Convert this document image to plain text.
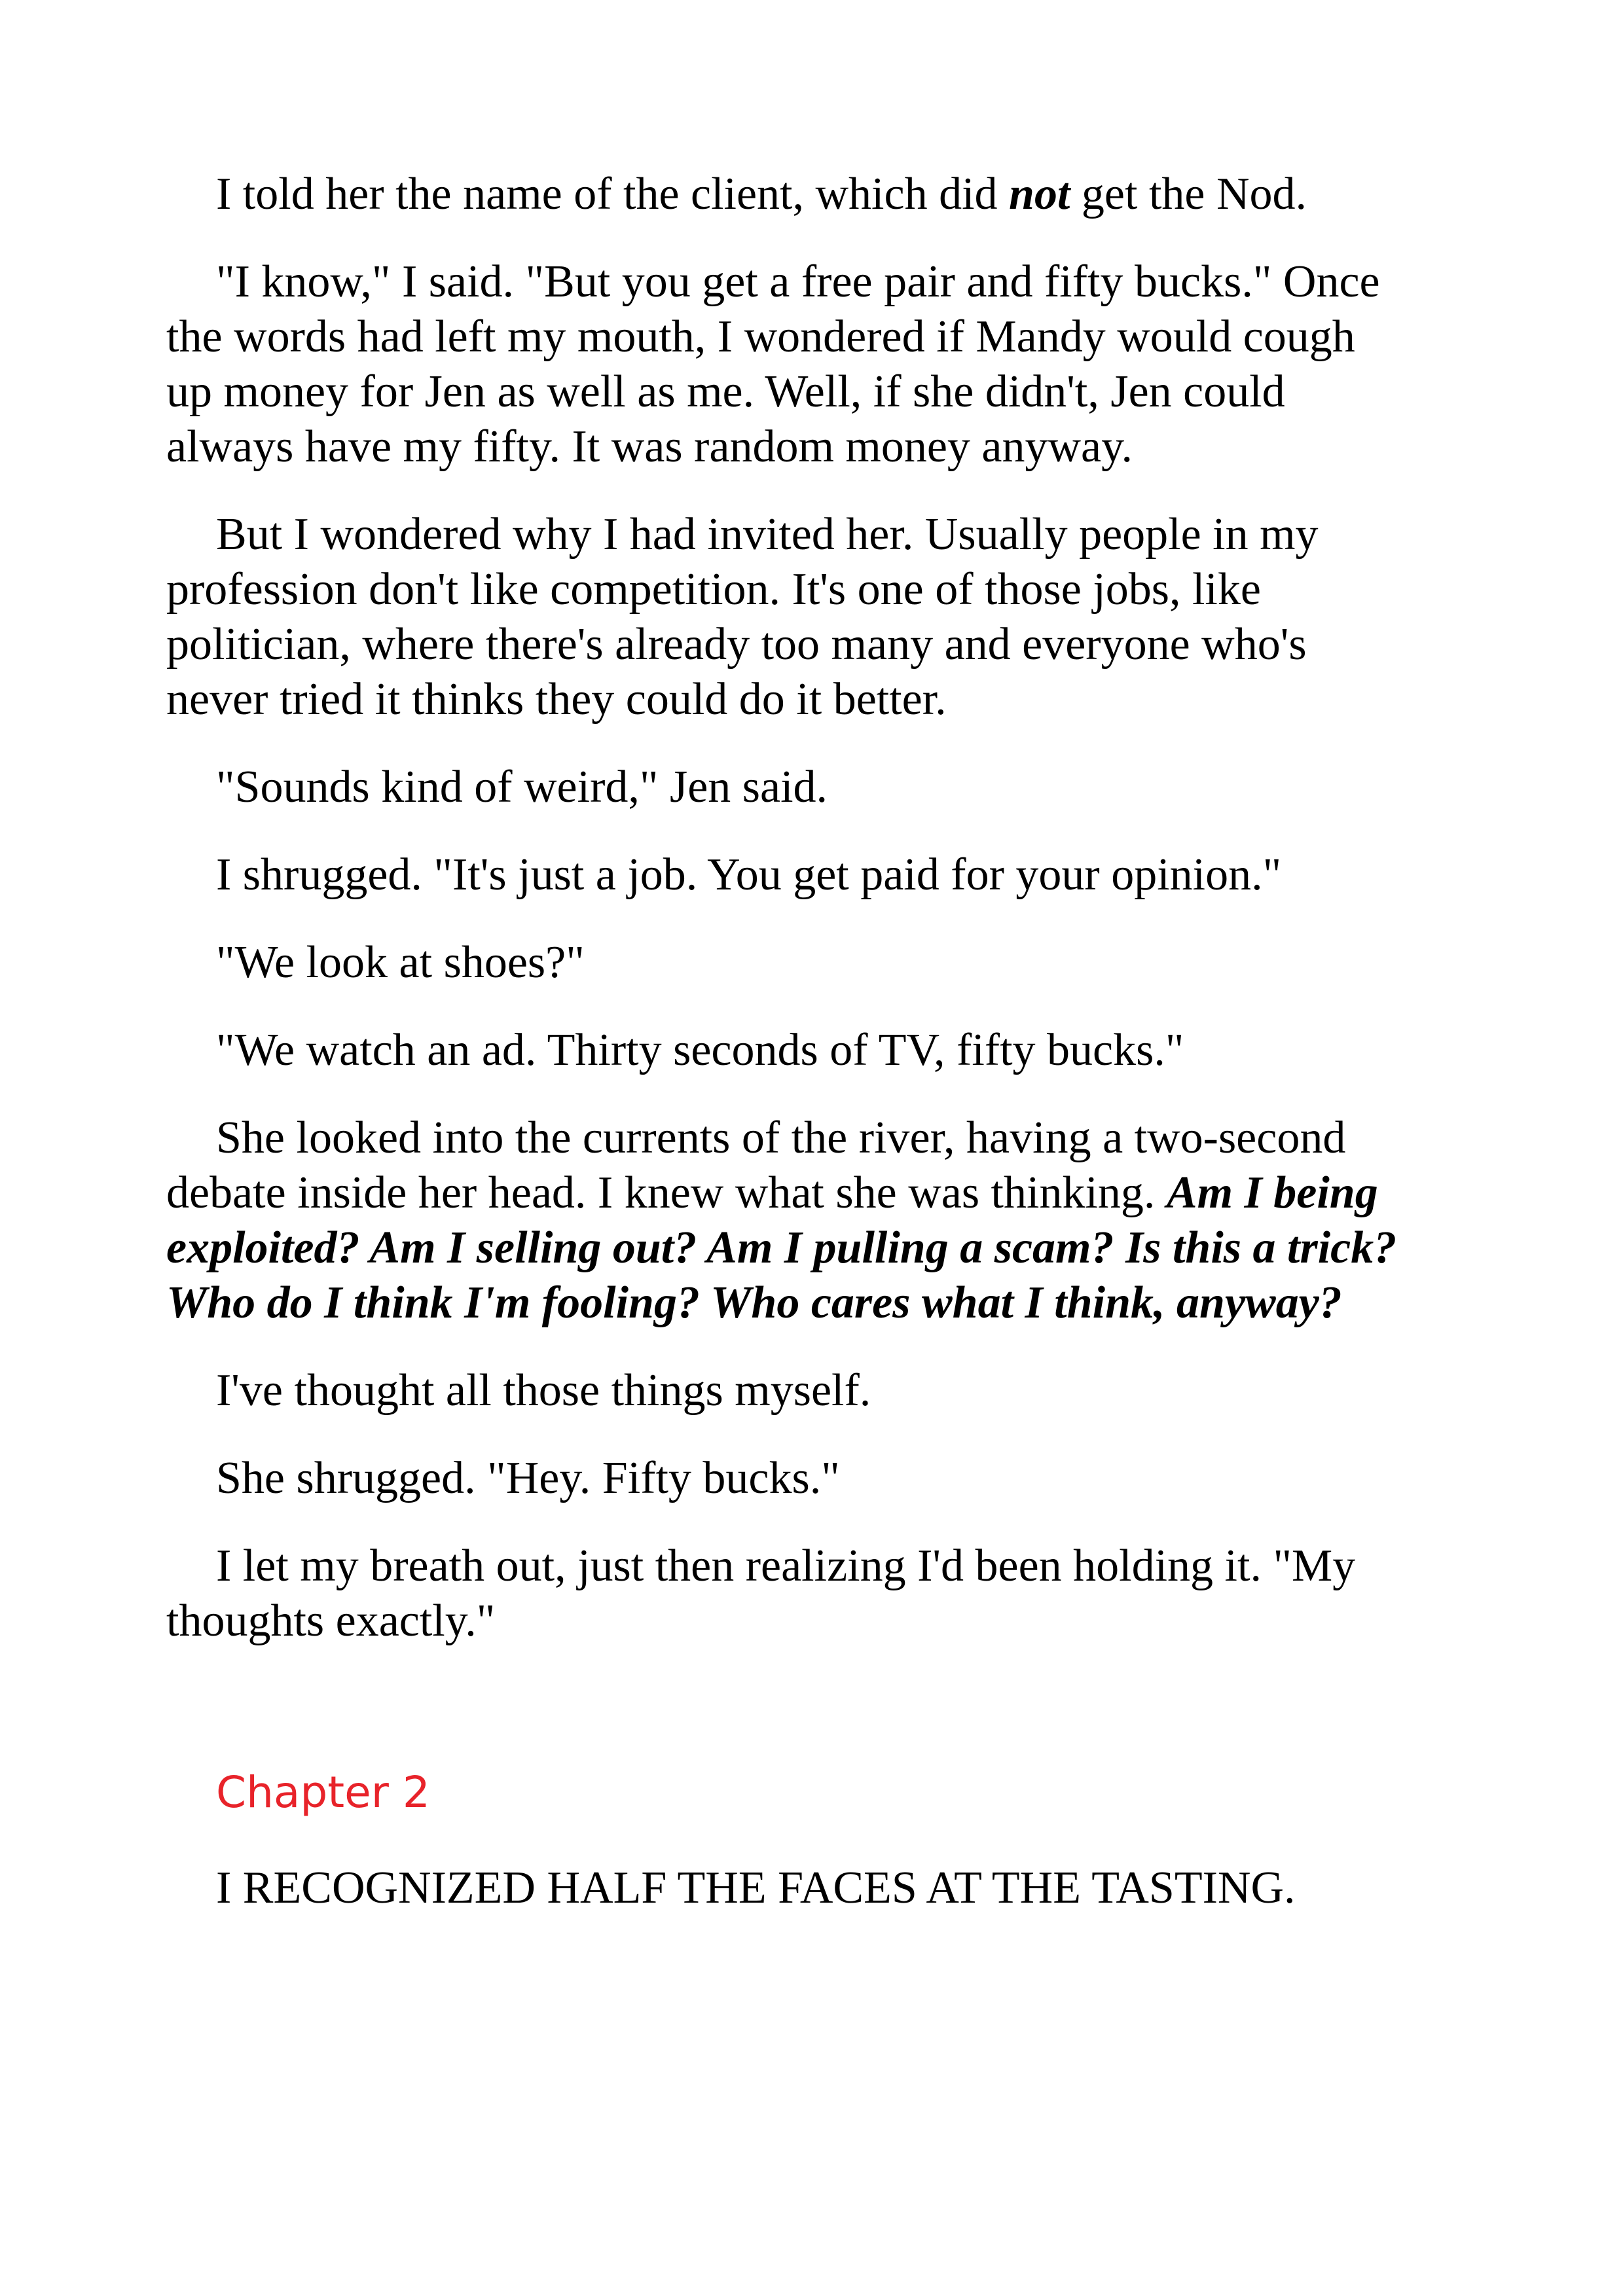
I told her the name of the client, which did not get the Nod.

"I know," I said. "But you get a free pair and fifty bucks." Once the words had left my mouth, I wondered if Mandy would cough up money for Jen as well as me. Well, if she didn't, Jen could always have my fifty. It was random money anyway.

But I wondered why I had invited her. Usually people in my profession don't like competition. It's one of those jobs, like politician, where there's already too many and everyone who's never tried it thinks they could do it better.

"Sounds kind of weird," Jen said.

I shrugged. "It's just a job. You get paid for your opinion."

"We look at shoes?"

"We watch an ad. Thirty seconds of TV, fifty bucks."

She looked into the currents of the river, having a two-second debate inside her head. I knew what she was thinking. Am I being exploited? Am I selling out? Am I pulling a scam? Is this a trick? Who do I think I'm fooling? Who cares what I think, anyway?

I've thought all those things myself.

She shrugged. "Hey. Fifty bucks."

I let my breath out, just then realizing I'd been holding it. "My thoughts exactly."

Chapter 2

I RECOGNIZED HALF THE FACES AT THE TASTING.
